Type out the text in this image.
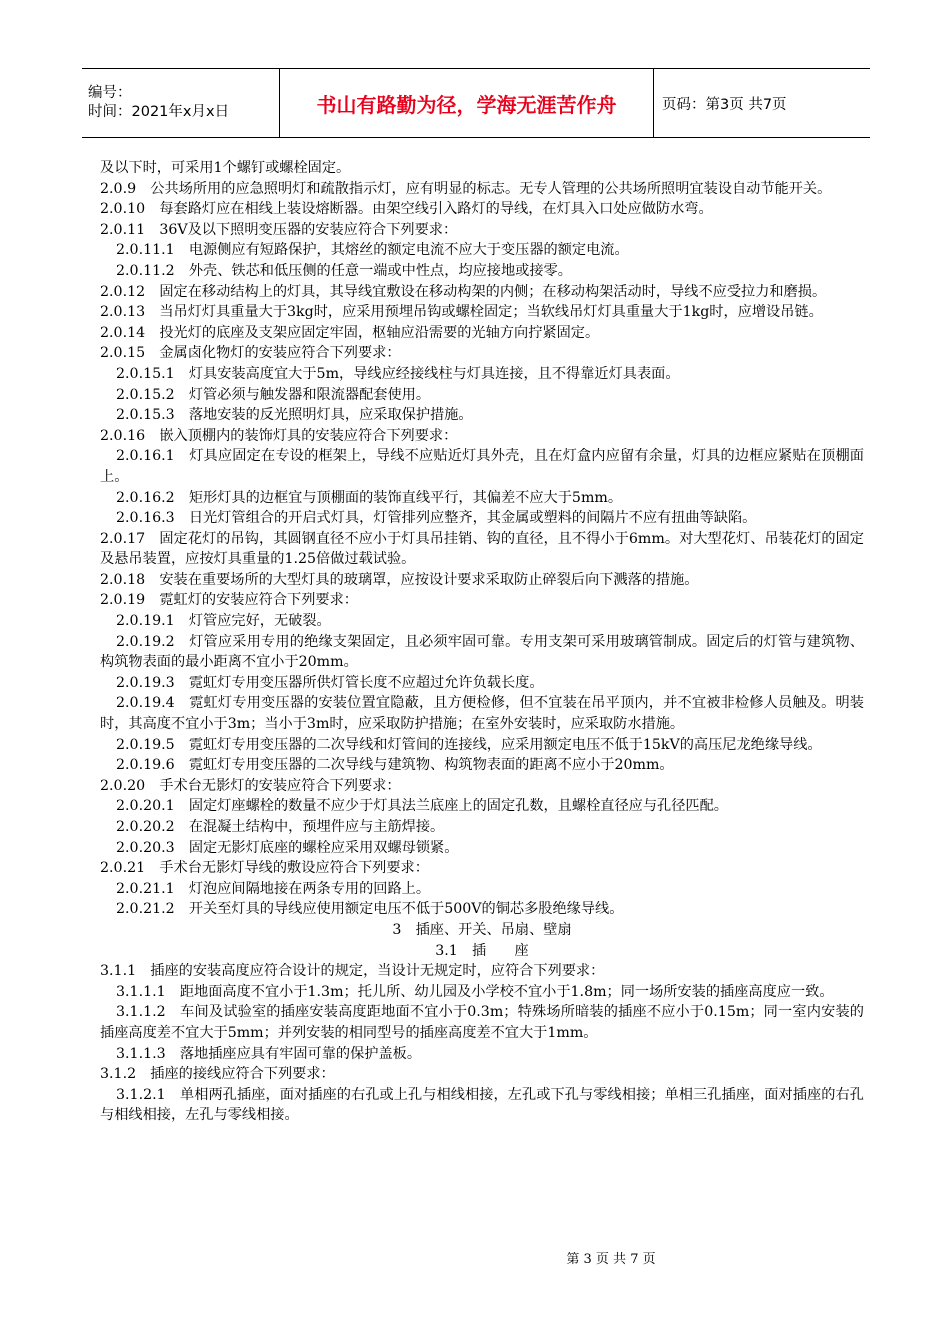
编号：
时间：2021年x月x日	书山有路勤为径，学海无涯苦作舟	页码：第3页 共7页
及以下时，可采用1个螺钉或螺栓固定。
2.0.9　公共场所用的应急照明灯和疏散指示灯，应有明显的标志。无专人管理的公共场所照明宜装设自动节能开关。
2.0.10　每套路灯应在相线上装设熔断器。由架空线引入路灯的导线，在灯具入口处应做防水弯。
2.0.11　36V及以下照明变压器的安装应符合下列要求：
2.0.11.1　电源侧应有短路保护，其熔丝的额定电流不应大于变压器的额定电流。
2.0.11.2　外壳、铁芯和低压侧的任意一端或中性点，均应接地或接零。
2.0.12　固定在移动结构上的灯具，其导线宜敷设在移动构架的内侧；在移动构架活动时，导线不应受拉力和磨损。
2.0.13　当吊灯灯具重量大于3kg时，应采用预埋吊钩或螺栓固定；当软线吊灯灯具重量大于1kg时，应增设吊链。
2.0.14　投光灯的底座及支架应固定牢固，枢轴应沿需要的光轴方向拧紧固定。
2.0.15　金属卤化物灯的安装应符合下列要求：
2.0.15.1　灯具安装高度宜大于5m，导线应经接线柱与灯具连接，且不得靠近灯具表面。
2.0.15.2　灯管必须与触发器和限流器配套使用。
2.0.15.3　落地安装的反光照明灯具，应采取保护措施。
2.0.16　嵌入顶棚内的装饰灯具的安装应符合下列要求：
2.0.16.1　灯具应固定在专设的框架上，导线不应贴近灯具外壳，且在灯盒内应留有余量，灯具的边框应紧贴在顶棚面上。
2.0.16.2　矩形灯具的边框宜与顶棚面的装饰直线平行，其偏差不应大于5mm。
2.0.16.3　日光灯管组合的开启式灯具，灯管排列应整齐，其金属或塑料的间隔片不应有扭曲等缺陷。
2.0.17　固定花灯的吊钩，其圆钢直径不应小于灯具吊挂销、钩的直径，且不得小于6mm。对大型花灯、吊装花灯的固定及悬吊装置，应按灯具重量的1.25倍做过载试验。
2.0.18　安装在重要场所的大型灯具的玻璃罩，应按设计要求采取防止碎裂后向下溅落的措施。
2.0.19　霓虹灯的安装应符合下列要求：
2.0.19.1　灯管应完好，无破裂。
2.0.19.2　灯管应采用专用的绝缘支架固定，且必须牢固可靠。专用支架可采用玻璃管制成。固定后的灯管与建筑物、构筑物表面的最小距离不宜小于20mm。
2.0.19.3　霓虹灯专用变压器所供灯管长度不应超过允许负载长度。
2.0.19.4　霓虹灯专用变压器的安装位置宜隐蔽，且方便检修，但不宜装在吊平顶内，并不宜被非检修人员触及。明装时，其高度不宜小于3m；当小于3m时，应采取防护措施；在室外安装时，应采取防水措施。
2.0.19.5　霓虹灯专用变压器的二次导线和灯管间的连接线，应采用额定电压不低于15kV的高压尼龙绝缘导线。
2.0.19.6　霓虹灯专用变压器的二次导线与建筑物、构筑物表面的距离不应小于20mm。
2.0.20　手术台无影灯的安装应符合下列要求：
2.0.20.1　固定灯座螺栓的数量不应少于灯具法兰底座上的固定孔数，且螺栓直径应与孔径匹配。
2.0.20.2　在混凝土结构中，预埋件应与主筋焊接。
2.0.20.3　固定无影灯底座的螺栓应采用双螺母锁紧。
2.0.21　手术台无影灯导线的敷设应符合下列要求：
2.0.21.1　灯泡应间隔地接在两条专用的回路上。
2.0.21.2　开关至灯具的导线应使用额定电压不低于500V的铜芯多股绝缘导线。
3　插座、开关、吊扇、壁扇
3.1　插　　座
3.1.1　插座的安装高度应符合设计的规定，当设计无规定时，应符合下列要求：
3.1.1.1　距地面高度不宜小于1.3m；托儿所、幼儿园及小学校不宜小于1.8m；同一场所安装的插座高度应一致。
3.1.1.2　车间及试验室的插座安装高度距地面不宜小于0.3m；特殊场所暗装的插座不应小于0.15m；同一室内安装的插座高度差不宜大于5mm；并列安装的相同型号的插座高度差不宜大于1mm。
3.1.1.3　落地插座应具有牢固可靠的保护盖板。
3.1.2　插座的接线应符合下列要求：
3.1.2.1　单相两孔插座，面对插座的右孔或上孔与相线相接，左孔或下孔与零线相接；单相三孔插座，面对插座的右孔与相线相接，左孔与零线相接。
第 3 页 共 7 页
